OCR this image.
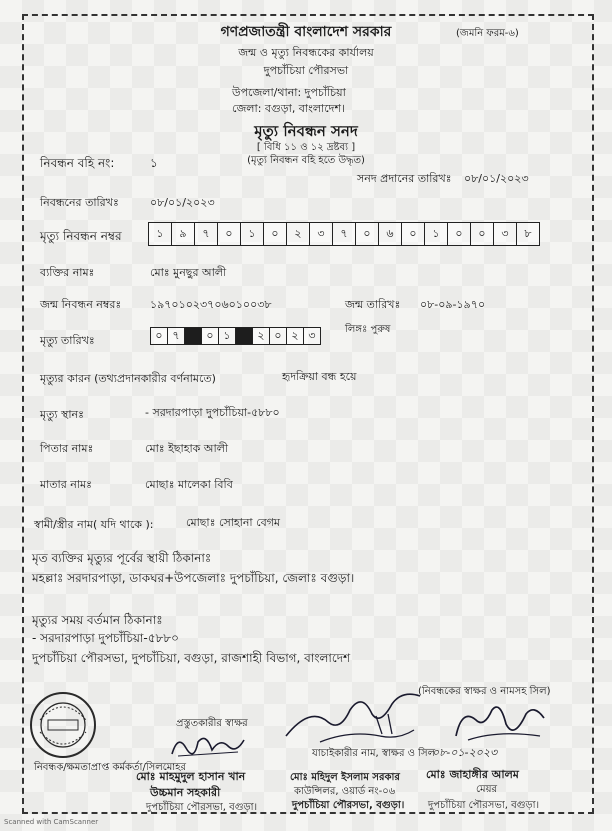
গণপ্রজাতন্ত্রী বাংলাদেশ সরকার	(জমনি ফরম-৬)
জন্ম ও মৃত্যু নিবন্ধকের কার্যালয়
দুপচাঁচিয়া পৌরসভা
উপজেলা/থানা: দুপচাঁচিয়া
জেলা: বগুড়া, বাংলাদেশ।
মৃত্যু নিবন্ধন সনদ
[ বিধি ১১ ও ১২ দ্রষ্টব্য ]
(মৃত্যু নিবন্ধন বহি হতে উদ্ধৃত)
নিবন্ধন বহি নং:	১
সনদ প্রদানের তারিখঃ ০৮/০১/২০২৩
নিবন্ধনের তারিখঃ	০৮/০১/২০২৩
মৃত্যু নিবন্ধন নম্বর	১	৯	৭	০	১	০	২	৩	৭	০	৬	০	১	০	০	৩	৮
ব্যক্তির নামঃ	মোঃ মুনছুর আলী
জন্ম নিবন্ধন নম্বরঃ	১৯৭০১০২৩৭০৬০১০০৩৮	জন্ম তারিখঃ ০৮-০৯-১৯৭০
লিঙ্গঃ পুরুষ
মৃত্যু তারিখঃ	০ ৭	০ ১	২ ০ ২ ৩
মৃত্যুর কারন (তথ্যপ্রদানকারীর বর্ণনামতে)	হৃদক্রিয়া বন্ধ হয়ে
মৃত্যু স্থানঃ	- সরদারপাড়া দুপচাঁচিয়া-৫৮৮০
পিতার নামঃ	মোঃ ইছাহাক আলী
মাতার নামঃ	মোছাঃ মালেকা বিবি
স্বামী/স্ত্রীর নাম( যদি থাকে ):	মোছাঃ সোহানা বেগম
মৃত ব্যক্তির মৃত্যুর পূর্বের স্থায়ী ঠিকানাঃ
মহল্লাঃ সরদারপাড়া, ডাকঘর+উপজেলাঃ দুপচাঁচিয়া, জেলাঃ বগুড়া।
মৃত্যুর সময় বর্তমান ঠিকানাঃ
- সরদারপাড়া দুপচাঁচিয়া-৫৮৮০
দুপচাঁচিয়া পৌরসভা, দুপচাঁচিয়া, বগুড়া, রাজশাহী বিভাগ, বাংলাদেশ
(নিবন্ধকের স্বাক্ষর ও নামসহ সিল)
প্রস্তুতকারীর স্বাক্ষর
যাচাইকারীর নাম, স্বাক্ষর ও সিল
০৮-০১-২০২৩
নিবন্ধক/ক্ষমতাপ্রাপ্ত কর্মকর্তা/সিলমোহর
মোঃ মাহমুদুল হাসান খান
উচ্চমান সহকারী
দুপচাঁচিয়া পৌরসভা, বগুড়া।
মোঃ মহিদুল ইসলাম সরকার
কাউন্সিলর, ওয়ার্ড নং-০৬
দুপচাঁচিয়া পৌরসভা, বগুড়া।
মোঃ জাহাঙ্গীর আলম
মেয়র
দুপচাঁচিয়া পৌরসভা, বগুড়া।
Scanned with CamScanner
